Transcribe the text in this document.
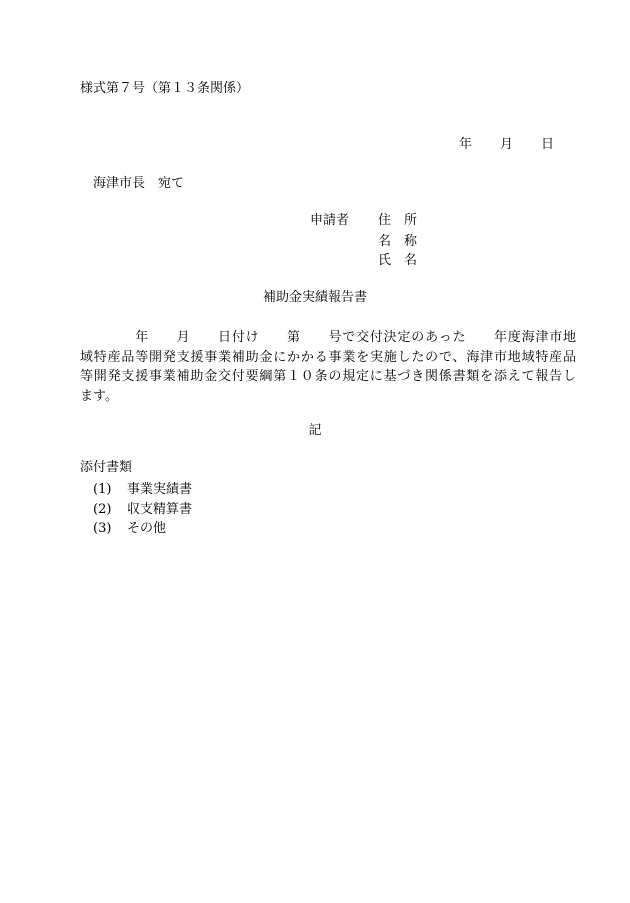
様式第７号（第１３条関係）
年 月 日
海津市長　宛て
申請者 住　所
名　称
氏　名
補助金実績報告書
　　　　年　　月　　日付け　　第　　号で交付決定のあった　　年度海津市地
域特産品等開発支援事業補助金にかかる事業を実施したので、海津市地域特産品
等開発支援事業補助金交付要綱第１０条の規定に基づき関係書類を添えて報告し
ます。
記
添付書類
(1) 事業実績書
(2) 収支精算書
(3) その他
